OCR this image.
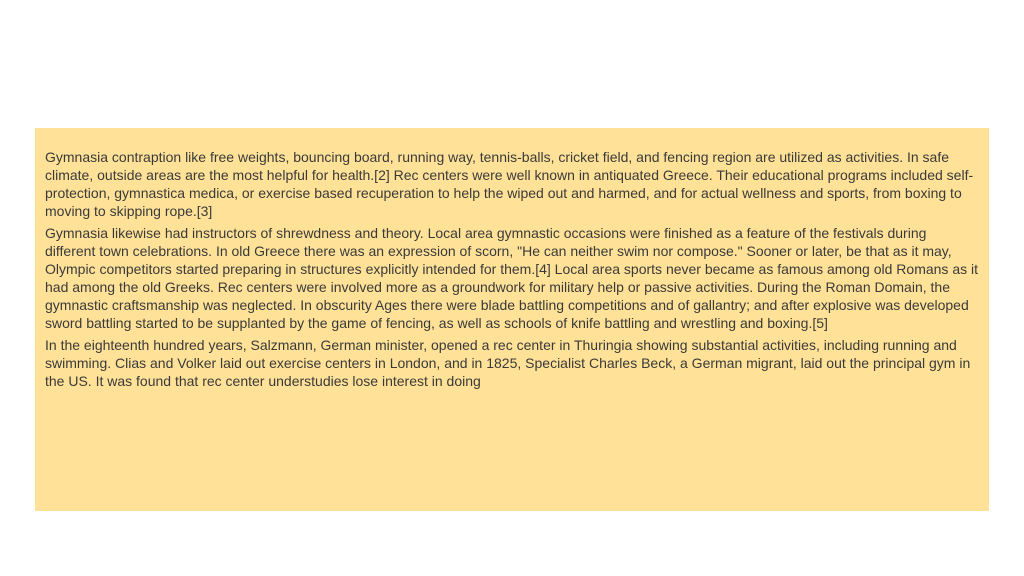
Gymnasia contraption like free weights, bouncing board, running way, tennis-balls, cricket field, and fencing region are utilized as activities. In safe climate, outside areas are the most helpful for health.[2] Rec centers were well known in antiquated Greece. Their educational programs included self-protection, gymnastica medica, or exercise based recuperation to help the wiped out and harmed, and for actual wellness and sports, from boxing to moving to skipping rope.[3]

Gymnasia likewise had instructors of shrewdness and theory. Local area gymnastic occasions were finished as a feature of the festivals during different town celebrations. In old Greece there was an expression of scorn, "He can neither swim nor compose." Sooner or later, be that as it may, Olympic competitors started preparing in structures explicitly intended for them.[4] Local area sports never became as famous among old Romans as it had among the old Greeks. Rec centers were involved more as a groundwork for military help or passive activities. During the Roman Domain, the gymnastic craftsmanship was neglected. In obscurity Ages there were blade battling competitions and of gallantry; and after explosive was developed sword battling started to be supplanted by the game of fencing, as well as schools of knife battling and wrestling and boxing.[5]

In the eighteenth hundred years, Salzmann, German minister, opened a rec center in Thuringia showing substantial activities, including running and swimming. Clias and Volker laid out exercise centers in London, and in 1825, Specialist Charles Beck, a German migrant, laid out the principal gym in the US. It was found that rec center understudies lose interest in doing
